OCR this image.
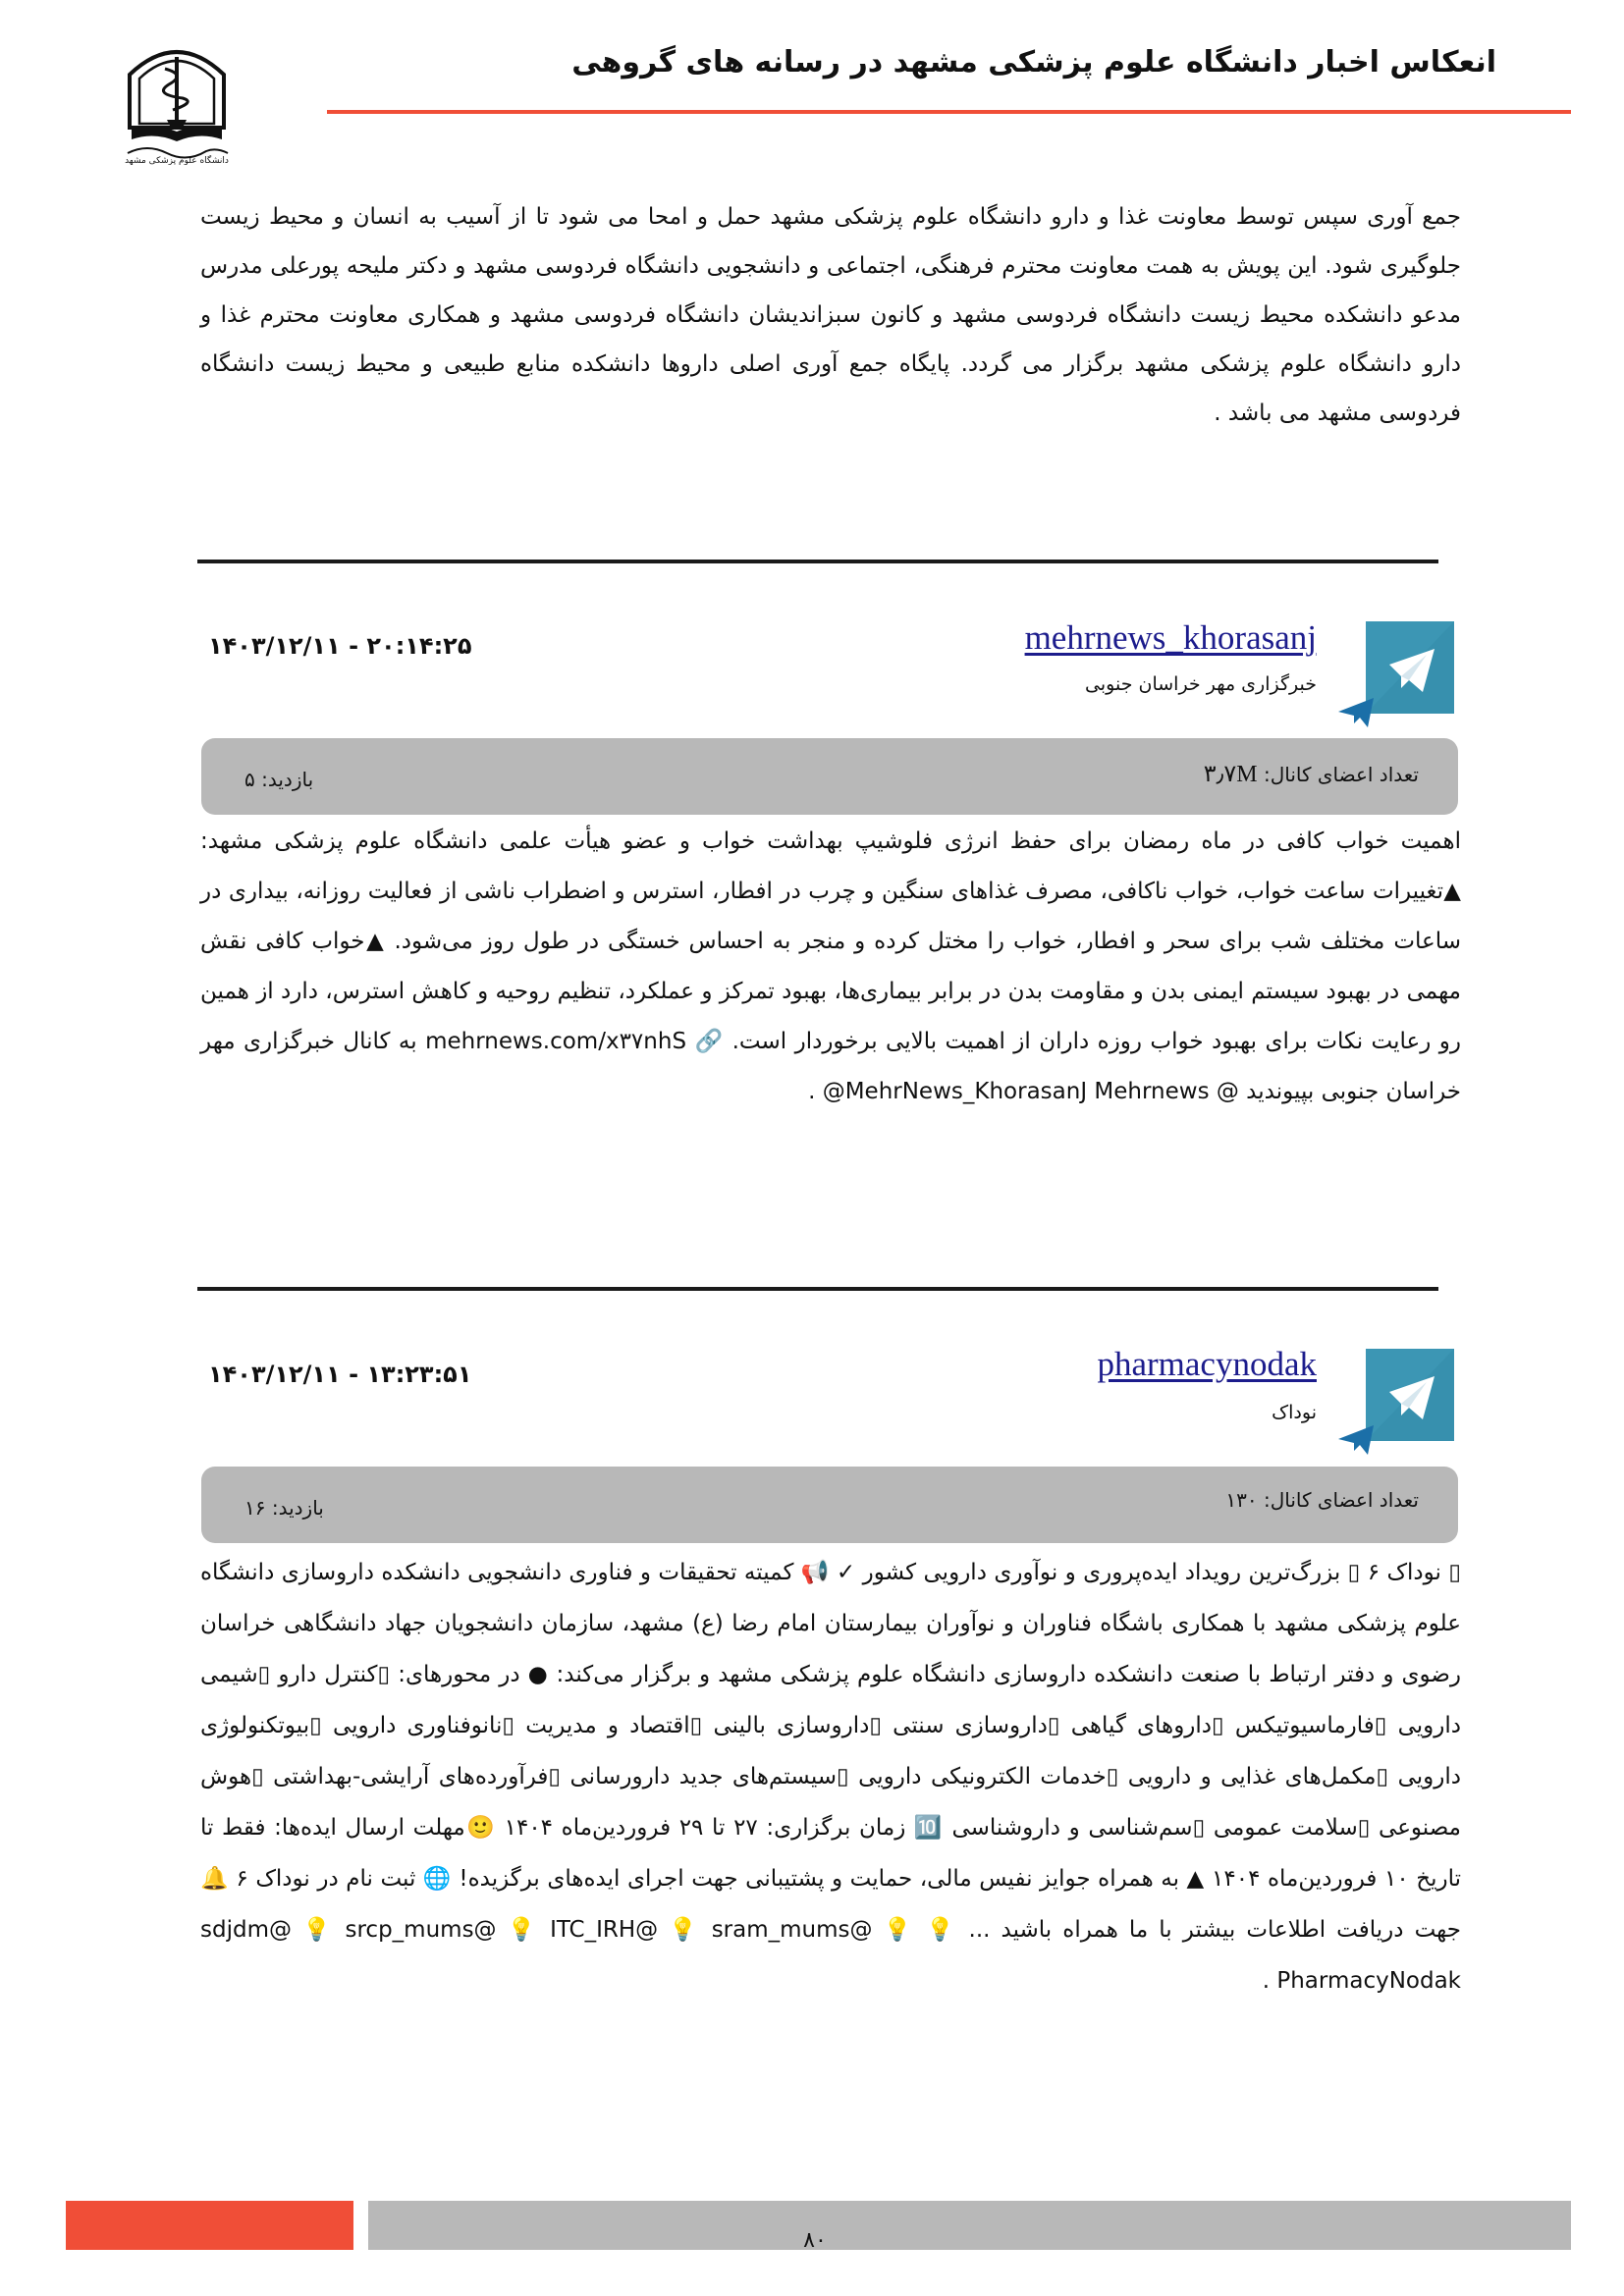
دانشگاه علوم پزشکی مشهد
انعکاس اخبار دانشگاه علوم پزشکی مشهد در رسانه های گروهی

جمع آوری سپس توسط معاونت غذا و دارو دانشگاه علوم پزشکی مشهد حمل و امحا می شود تا از آسیب به انسان و محیط زیست جلوگیری شود. این پویش به همت معاونت محترم فرهنگی، اجتماعی و دانشجویی دانشگاه فردوسی مشهد و دکتر ملیحه پورعلی مدرس مدعو دانشکده محیط زیست دانشگاه فردوسی مشهد و کانون سبزاندیشان دانشگاه فردوسی مشهد و همکاری معاونت محترم غذا و دارو دانشگاه علوم پزشکی مشهد برگزار می گردد. پایگاه جمع آوری اصلی داروها دانشکده منابع طبیعی و محیط زیست دانشگاه فردوسی مشهد می باشد .

mehrnews_khorasanj

خبرگزاری مهر خراسان جنوبی

۱۴۰۳/۱۲/۱۱ - ۲۰:۱۴:۲۵

تعداد اعضای کانال: ۳٫۷M

بازدید: ۵

اهمیت خواب کافی در ماه رمضان برای حفظ انرژی فلوشیپ بهداشت خواب و عضو هیأت علمی دانشگاه علوم پزشکی مشهد: ▲تغییرات ساعت خواب، خواب ناکافی، مصرف غذاهای سنگین و چرب در افطار، استرس و اضطراب ناشی از فعالیت روزانه، بیداری در ساعات مختلف شب برای سحر و افطار، خواب را مختل کرده و منجر به احساس خستگی در طول روز می‌شود. ▲خواب کافی نقش مهمی در بهبود سیستم ایمنی بدن و مقاومت بدن در برابر بیماری‌ها، بهبود تمرکز و عملکرد، تنظیم روحیه و کاهش استرس، دارد از همین رو رعایت نکات برای بهبود خواب روزه داران از اهمیت بالایی برخوردار است. 🔗 mehrnews.com/x۳۷nhS به کانال خبرگزاری مهر خراسان جنوبی بپیوندید @ MehrNews_KhorasanJ Mehrnews@ .

pharmacynodak

نوداک

۱۴۰۳/۱۲/۱۱ - ۱۳:۲۳:۵۱

تعداد اعضای کانال: ۱۳۰

بازدید: ۱۶

▯ نوداک ۶ ▯ بزرگ‌ترین رویداد ایده‌پروری و نوآوری دارویی کشور ✓ 📢 کمیته تحقیقات و فناوری دانشجویی دانشکده داروسازی دانشگاه علوم پزشکی مشهد با همکاری باشگاه فناوران و نوآوران بیمارستان امام رضا (ع) مشهد، سازمان دانشجویان جهاد دانشگاهی خراسان رضوی و دفتر ارتباط با صنعت دانشکده داروسازی دانشگاه علوم پزشکی مشهد و برگزار می‌کند: ● در محورهای: ▯کنترل دارو ▯شیمی دارویی ▯فارماسیوتیکس ▯داروهای گیاهی ▯داروسازی سنتی ▯داروسازی بالینی ▯اقتصاد و مدیریت ▯نانوفناوری دارویی ▯بیوتکنولوژی دارویی ▯مکمل‌های غذایی و دارویی ▯خدمات الکترونیکی دارویی ▯سیستم‌های جدید دارورسانی ▯فرآورده‌های آرایشی-بهداشتی ▯هوش مصنوعی ▯سلامت عمومی ▯سم‌شناسی و داروشناسی 🔟 زمان برگزاری: ۲۷ تا ۲۹ فروردین‌ماه ۱۴۰۴ 🙂مهلت ارسال ایده‌ها: فقط تا تاریخ ۱۰ فروردین‌ماه ۱۴۰۴ ▲ به همراه جوایز نفیس مالی، حمایت و پشتیبانی جهت اجرای ایده‌های برگزیده! 🌐 ثبت نام در نوداک ۶ 🔔 جهت دریافت اطلاعات بیشتر با ما همراه باشید ... 💡 sdjdm@ 💡 srcp_mums@ 💡 ITC_IRH@ 💡 sram_mums@ 💡 PharmacyNodak .

۸۰
